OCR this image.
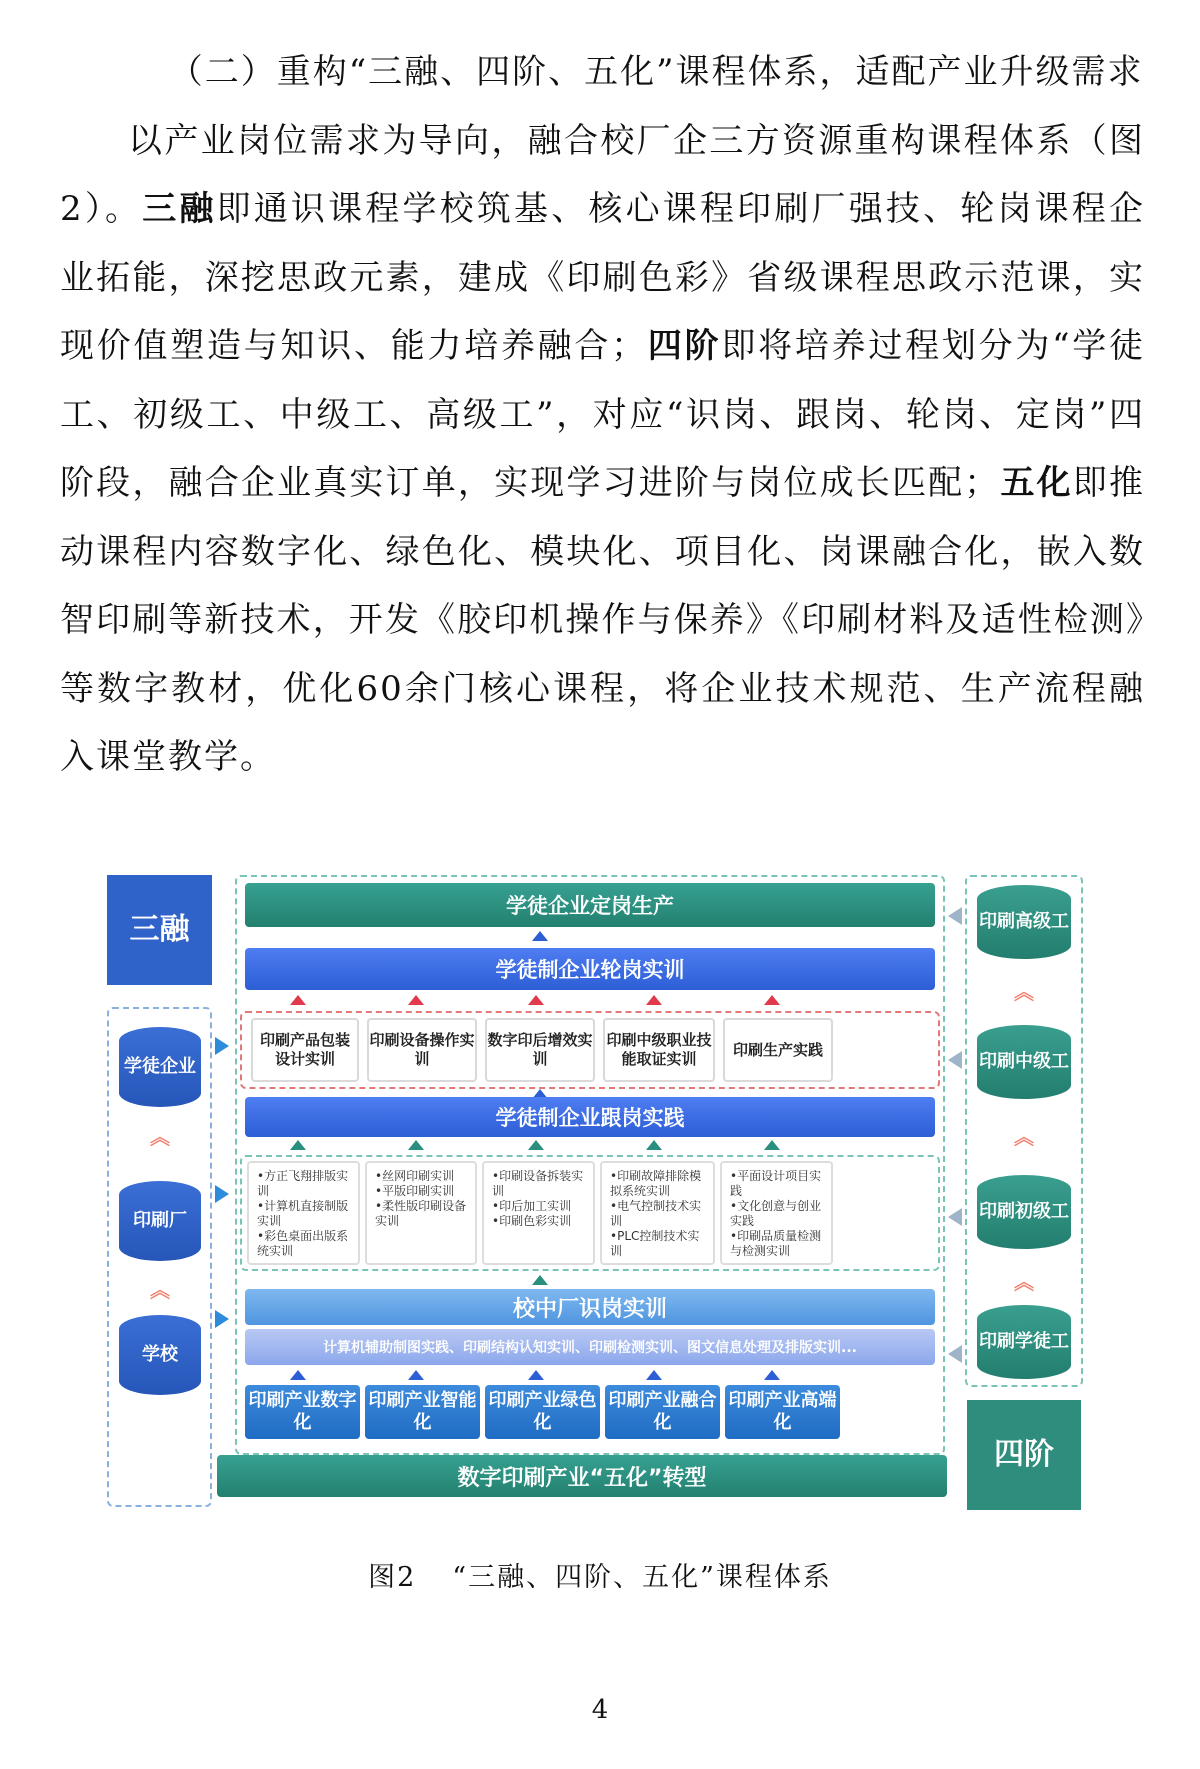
（二）重构“三融、四阶、五化”课程体系，适配产业升级需求

以产业岗位需求为导向，融合校厂企三方资源重构课程体系（图2）。三融即通识课程学校筑基、核心课程印刷厂强技、轮岗课程企业拓能，深挖思政元素，建成《印刷色彩》省级课程思政示范课，实现价值塑造与知识、能力培养融合；四阶即将培养过程划分为“学徒工、初级工、中级工、高级工”，对应“识岗、跟岗、轮岗、定岗”四阶段，融合企业真实订单，实现学习进阶与岗位成长匹配；五化即推动课程内容数字化、绿色化、模块化、项目化、岗课融合化，嵌入数智印刷等新技术，开发《胶印机操作与保养》《印刷材料及适性检测》等数字教材，优化60余门核心课程，将企业技术规范、生产流程融入课堂教学。

三融
学徒企业
︽
印刷厂
︽
学校
学徒企业定岗生产
学徒制企业轮岗实训
印刷产品包装设计实训
印刷设备操作实训
数字印后增效实训
印刷中级职业技能取证实训
印刷生产实践
学徒制企业跟岗实践
•方正飞翔排版实训
•计算机直接制版实训
•彩色桌面出版系统实训
•丝网印刷实训
•平版印刷实训
•柔性版印刷设备实训
•印刷设备拆装实训
•印后加工实训
•印刷色彩实训
•印刷故障排除模拟系统实训
•电气控制技术实训
•PLC控制技术实训
•平面设计项目实践
•文化创意与创业实践
•印刷品质量检测与检测实训
校中厂识岗实训
计算机辅助制图实践、印刷结构认知实训、印刷检测实训、图文信息处理及排版实训...
印刷产业数字化
印刷产业智能化
印刷产业绿色化
印刷产业融合化
印刷产业高端化
数字印刷产业“五化”转型
印刷高级工
︽
印刷中级工
︽
印刷初级工
︽
印刷学徒工
四阶
图2 “三融、四阶、五化”课程体系
4
